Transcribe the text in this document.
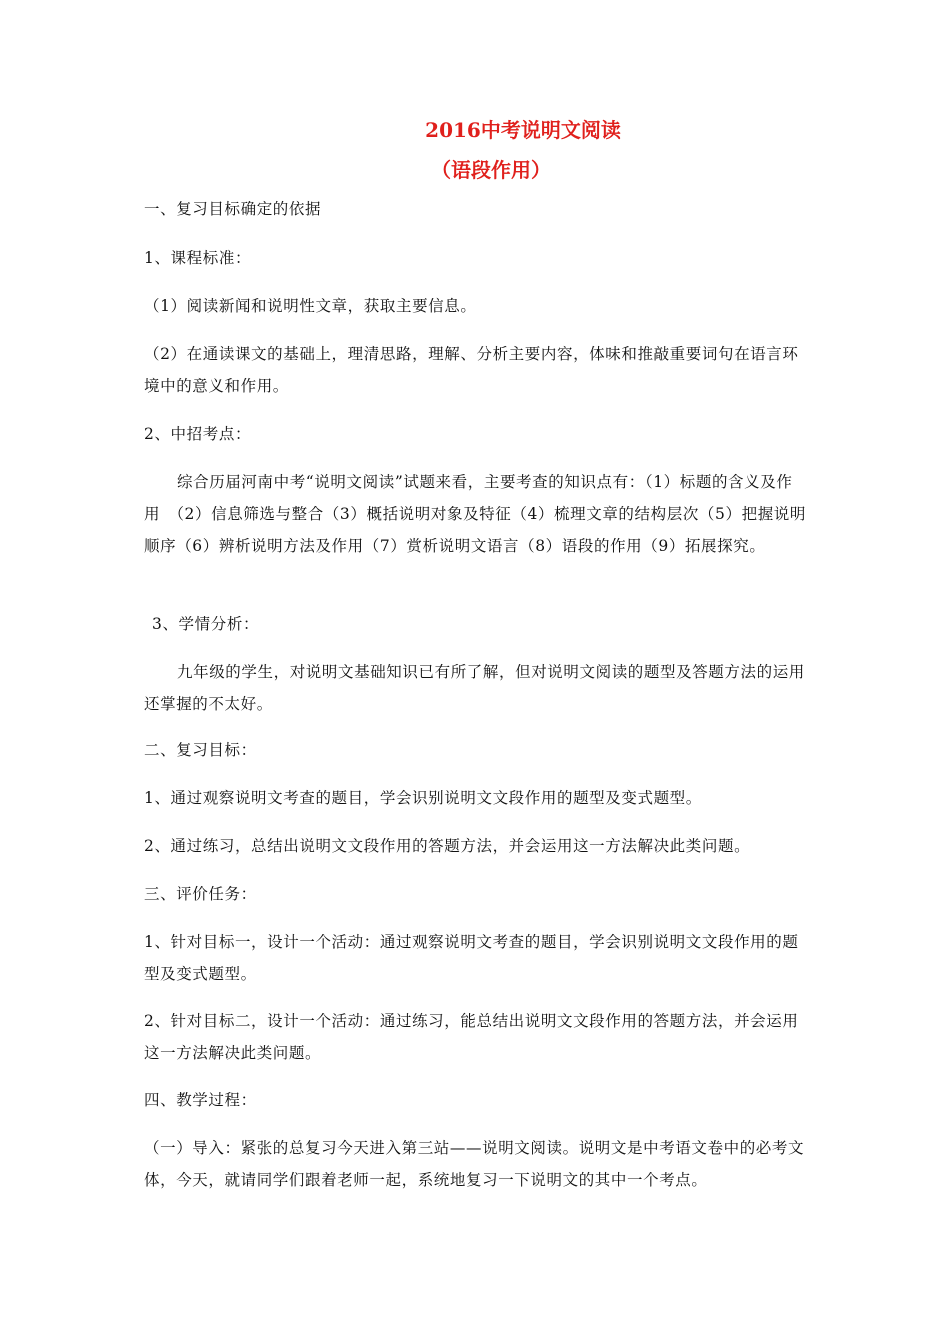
2016中考说明文阅读
（语段作用）

一、复习目标确定的依据

1、课程标准：

（1）阅读新闻和说明性文章，获取主要信息。

（2）在通读课文的基础上，理清思路，理解、分析主要内容，体味和推敲重要词句在语言环境中的意义和作用。

2、中招考点：

综合历届河南中考“说明文阅读”试题来看，主要考查的知识点有：（1）标题的含义及作用　（2）信息筛选与整合（3）概括说明对象及特征（4）梳理文章的结构层次（5）把握说明顺序（6）辨析说明方法及作用（7）赏析说明文语言（8）语段的作用（9）拓展探究。

3、学情分析：

九年级的学生，对说明文基础知识已有所了解，但对说明文阅读的题型及答题方法的运用还掌握的不太好。

二、复习目标：

1、通过观察说明文考查的题目，学会识别说明文文段作用的题型及变式题型。

2、通过练习，总结出说明文文段作用的答题方法，并会运用这一方法解决此类问题。

三、评价任务：

1、针对目标一，设计一个活动：通过观察说明文考查的题目，学会识别说明文文段作用的题型及变式题型。

2、针对目标二，设计一个活动：通过练习，能总结出说明文文段作用的答题方法，并会运用这一方法解决此类问题。

四、教学过程：

（一）导入：紧张的总复习今天进入第三站——说明文阅读。说明文是中考语文卷中的必考文体，今天，就请同学们跟着老师一起，系统地复习一下说明文的其中一个考点。
